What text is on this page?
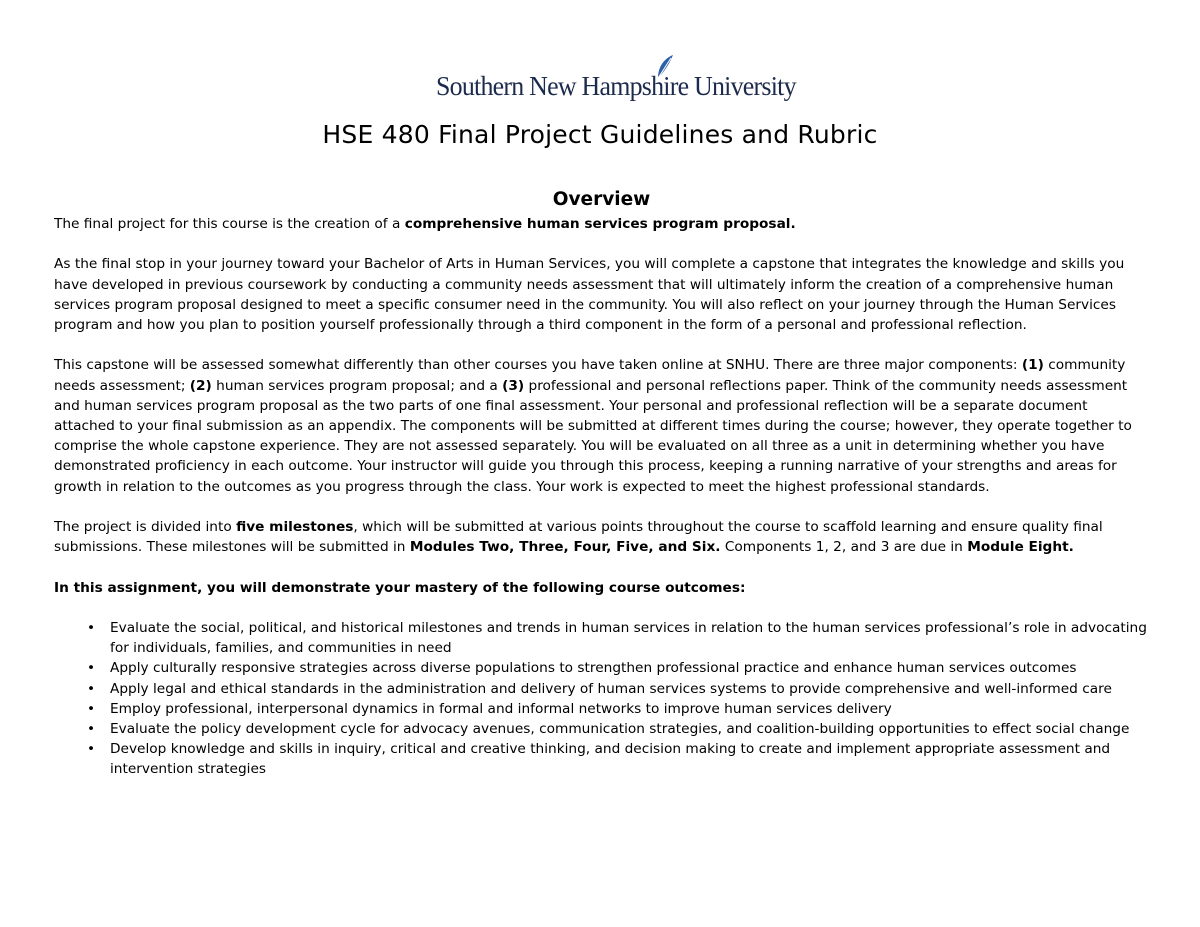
Southern New Hampshire University
HSE 480 Final Project Guidelines and Rubric
Overview

The final project for this course is the creation of a comprehensive human services program proposal.

As the final stop in your journey toward your Bachelor of Arts in Human Services, you will complete a capstone that integrates the knowledge and skills you have developed in previous coursework by conducting a community needs assessment that will ultimately inform the creation of a comprehensive human services program proposal designed to meet a specific consumer need in the community. You will also reflect on your journey through the Human Services program and how you plan to position yourself professionally through a third component in the form of a personal and professional reflection.

This capstone will be assessed somewhat differently than other courses you have taken online at SNHU. There are three major components: (1) community needs assessment; (2) human services program proposal; and a (3) professional and personal reflections paper. Think of the community needs assessment and human services program proposal as the two parts of one final assessment. Your personal and professional reflection will be a separate document attached to your final submission as an appendix. The components will be submitted at different times during the course; however, they operate together to comprise the whole capstone experience. They are not assessed separately. You will be evaluated on all three as a unit in determining whether you have demonstrated proficiency in each outcome. Your instructor will guide you through this process, keeping a running narrative of your strengths and areas for growth in relation to the outcomes as you progress through the class. Your work is expected to meet the highest professional standards.

The project is divided into five milestones, which will be submitted at various points throughout the course to scaffold learning and ensure quality final submissions. These milestones will be submitted in Modules Two, Three, Four, Five, and Six. Components 1, 2, and 3 are due in Module Eight.

In this assignment, you will demonstrate your mastery of the following course outcomes:

• Evaluate the social, political, and historical milestones and trends in human services in relation to the human services professional’s role in advocating for individuals, families, and communities in need
• Apply culturally responsive strategies across diverse populations to strengthen professional practice and enhance human services outcomes
• Apply legal and ethical standards in the administration and delivery of human services systems to provide comprehensive and well-informed care
• Employ professional, interpersonal dynamics in formal and informal networks to improve human services delivery
• Evaluate the policy development cycle for advocacy avenues, communication strategies, and coalition-building opportunities to effect social change
• Develop knowledge and skills in inquiry, critical and creative thinking, and decision making to create and implement appropriate assessment and intervention strategies
